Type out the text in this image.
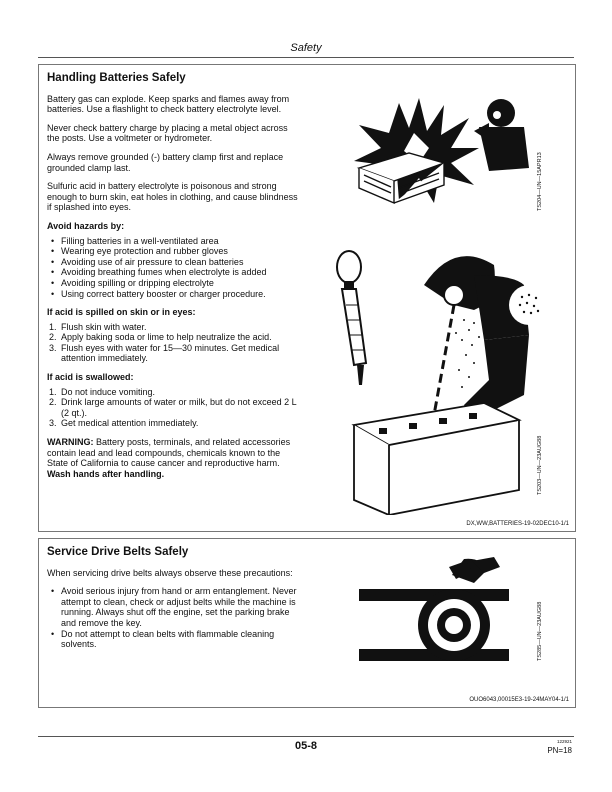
Safety
Handling Batteries Safely

Battery gas can explode. Keep sparks and flames away from batteries. Use a flashlight to check battery electrolyte level.

Never check battery charge by placing a metal object across the posts. Use a voltmeter or hydrometer.

Always remove grounded (-) battery clamp first and replace grounded clamp last.

Sulfuric acid in battery electrolyte is poisonous and strong enough to burn skin, eat holes in clothing, and cause blindness if splashed into eyes.

Avoid hazards by:
• Filling batteries in a well-ventilated area
• Wearing eye protection and rubber gloves
• Avoiding use of air pressure to clean batteries
• Avoiding breathing fumes when electrolyte is added
• Avoiding spilling or dripping electrolyte
• Using correct battery booster or charger procedure.
If acid is spilled on skin or in eyes:
1. Flush skin with water.
2. Apply baking soda or lime to help neutralize the acid.
3. Flush eyes with water for 15—30 minutes. Get medical attention immediately.
If acid is swallowed:
1. Do not induce vomiting.
2. Drink large amounts of water or milk, but do not exceed 2 L (2 qt.).
3. Get medical attention immediately.

WARNING: Battery posts, terminals, and related accessories contain lead and lead compounds, chemicals known to the State of California to cause cancer and reproductive harm. Wash hands after handling.

TS204—UN—15APR13
TS203—UN—23AUG88
DX,WW,BATTERIES-19-02DEC10-1/1
Service Drive Belts Safely

When servicing drive belts always observe these precautions:

• Avoid serious injury from hand or arm entanglement. Never attempt to clean, check or adjust belts while the machine is running. Always shut off the engine, set the parking brake and remove the key.
• Do not attempt to clean belts with flammable cleaning solvents.	TS285—UN—23AUG88
OUO6043,00015E3-19-24MAY04-1/1
05-8	122921
PN=18
